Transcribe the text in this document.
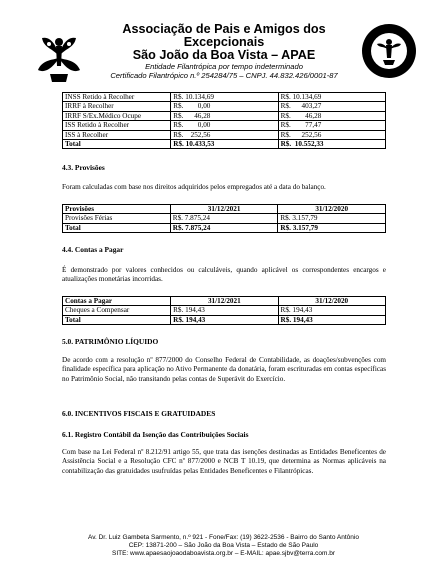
Associação de Pais e Amigos dos Excepcionais
São João da Boa Vista – APAE
Entidade Filantrópica por tempo indeterminado
Certificado Filantrópico n.º 254284/75 – CNPJ. 44.832.426/0001-87
INSS Retido à Recolher	R$. 10.134,69	R$. 10.134,69
IRRF à Recolher	R$.        0,00	R$.      403,27
IRRF S/Ex.Médico Ocupe	R$.      46,28	R$.        46,28
ISS Retido à Recolher	R$.        0,00	R$.        77,47
ISS à Recolher	R$.    252,56	R$.      252,56
Total	R$. 10.433,53	R$.  10.552,33
4.3. Provisões
Foram calculadas com base nos direitos adquiridos pelos empregados até a data do balanço.
Provisões	31/12/2021	31/12/2020
Provisões Férias	R$. 7.875,24	R$. 3.157,79
Total	R$. 7.875,24	R$. 3.157,79
4.4. Contas a Pagar
É demonstrado por valores conhecidos ou calculáveis, quando aplicável os correspondentes encargos e atualizações monetárias incorridas.
Contas a Pagar	31/12/2021	31/12/2020
Cheques a Compensar	R$. 194,43	R$. 194,43
Total	R$. 194,43	R$. 194,43
5.0. PATRIMÔNIO LÍQUIDO
De acordo com a resolução nº 877/2000 do Conselho Federal de Contabilidade, as doações/subvenções com finalidade específica para aplicação no Ativo Permanente da donatária, foram escrituradas em contas específicas no Patrimônio Social, não transitando pelas contas de Superávit do Exercício.
6.0. INCENTIVOS FISCAIS E GRATUIDADES
6.1. Registro Contábil da Isenção das Contribuições Sociais
Com base na Lei Federal nº 8.212/91 artigo 55, que trata das isenções destinadas as Entidades Beneficentes de Assistência Social e a Resolução CFC nº 877/2000 e NCB T 10.19, que determina as Normas aplicáveis na contabilização das gratuidades usufruídas pelas Entidades Beneficentes e Filantrópicas.
Av. Dr. Luiz Gambeta Sarmento, n.º 921 - Fone/Fax: (19) 3622-2536 - Bairro do Santo Antônio
CEP: 13871-200 – São João da Boa Vista – Estado de São Paulo
SITE: www.apaesaojoaodaboavista.org.br – E-MAIL: apae.sjbv@terra.com.br
